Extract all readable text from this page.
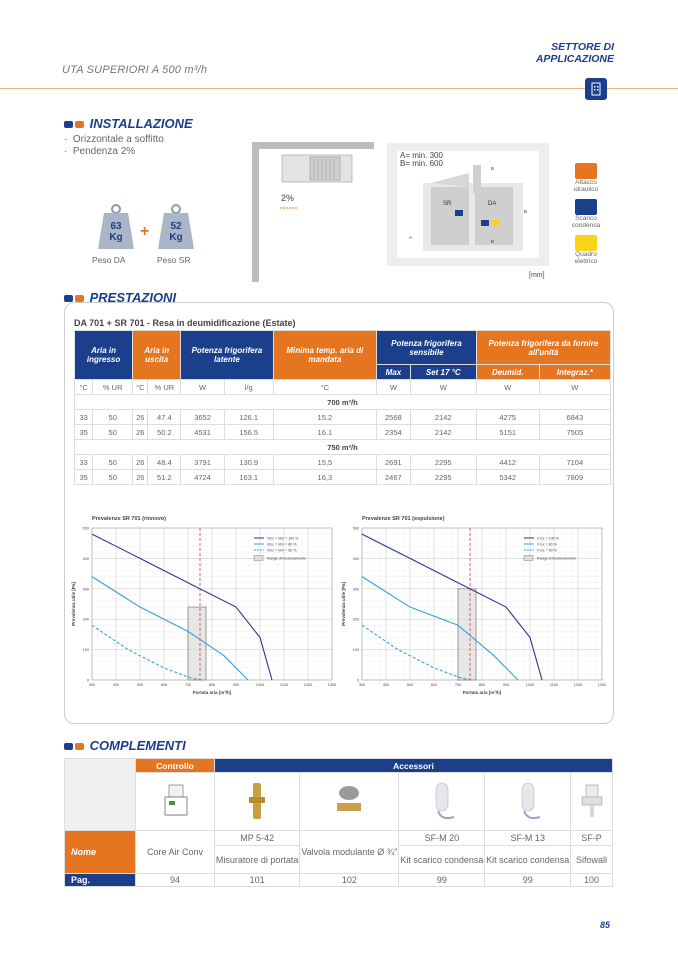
UTA SUPERIORI A 500 m³/h
SETTORE DI
APPLICAZIONE
INSTALLAZIONE
·  Orizzontale a soffitto
·  Pendenza 2%
63
Kg	+	52
Kg
Peso DA	Peso SR
2%
A= min. 300
B= min. 600
SR	DA
B
B
B
A
[mm]
Attacco idraulico
Scarico condensa
Quadro elettrico
PRESTAZIONI
DA 701 + SR 701 - Resa in deumidificazione (Estate)
Aria in ingresso		Aria in uscita		Potenza frigorifera latente		Minima temp. aria di mandata	Potenza frigorifera sensibile		Potenza frigorifera da fornire all'unità	
							Max	Set 17 °C	Deumid.	Integraz.*
°C	% UR	°C	% UR	W	l/g	°C	W	W	W	W
700 m³/h										
33	50	26	47.4	3652	126.1	15.2	2568	2142	4275	6843
35	50	26	50.2	4531	156.5	16.1	2354	2142	5151	7505
750 m³/h										
33	50	26	48.4	3791	130.9	15,5	2691	2295	4412	7104
35	50	26	51.2	4724	163.1	16,3	2467	2295	5342	7809
Prevalenze SR 701 (rinnovo)
300	400	500	600	700	800	900	1000	1100	1200	1300
0
100
200
300
400
500
Vinc = Vim = 100 %
Vinc = Vim = 80 %
Vinc = Vim = 50 %
Range di funzionamento
Portata aria [m³/h]
Prevalenza utile [Pa]
Prevalenze SR 701 (espulsione)
300	400	500	600	700	800	900	1000	1100	1200	1300
0
100
200
300
400
500
V Ex = 100 %
V Ex = 80 %
V Ex = 50 %
Range di funzionamento
Portata aria [m³/h]
Prevalenza utile [Pa]
COMPLEMENTI
	Controllo	Accessori				

Nome	Core Air Conv	MP 5-42	Valvola modulante Ø ¾"	SF-M 20	SF-M 13	SF-P
		Misuratore di portata		Kit scarico condensa	Kit scarico condensa	Sifowall
Pag.	94	101	102	99	99	100
85
